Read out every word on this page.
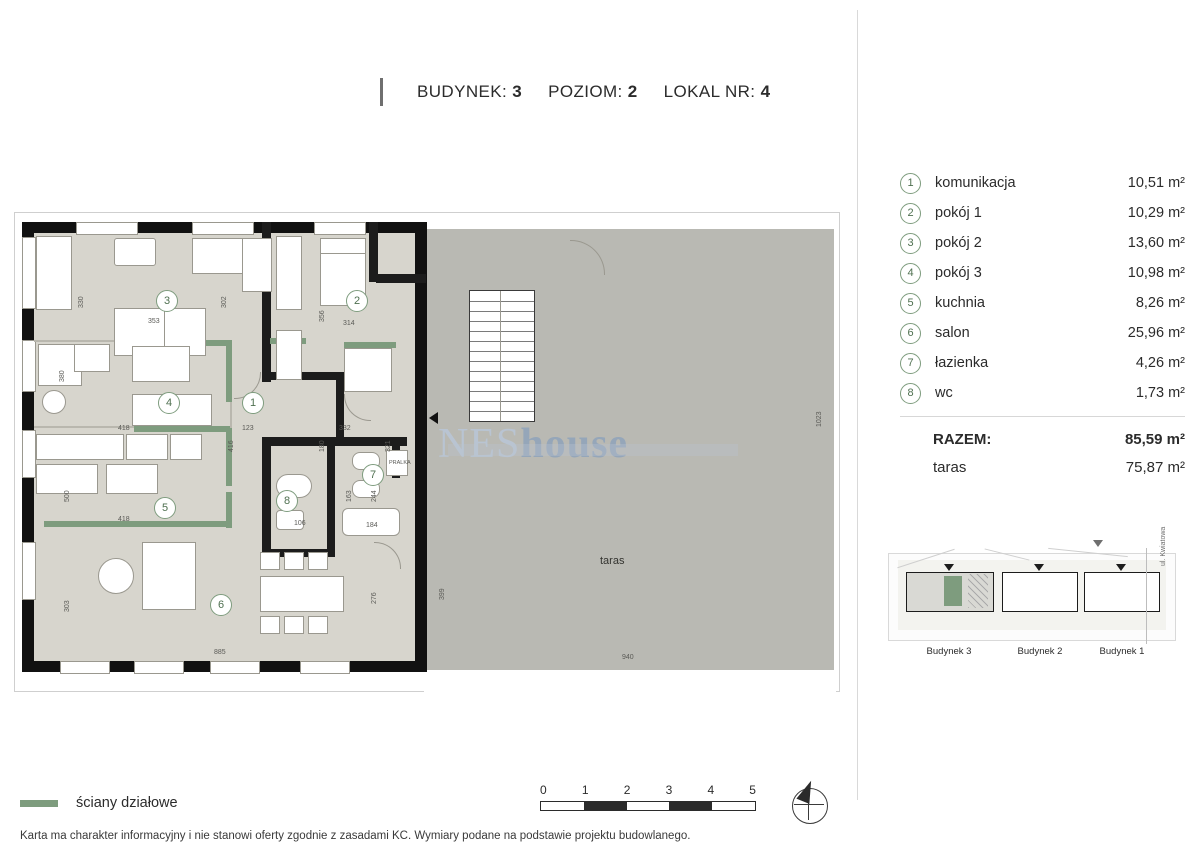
BUDYNEK: 3 POZIOM: 2 LOKAL NR: 4
1	komunikacja	10,51 m²
2	pokój 1	10,29 m²
3	pokój 2	13,60 m²
4	pokój 3	10,98 m²
5	kuchnia	8,26 m²
6	salon	25,96 m²
7	łazienka	4,26 m²
8	wc	1,73 m²
RAZEM:	85,59 m²
taras	75,87 m²
ul. Kwiatowa
Budynek 3	Budynek 2	Budynek 1
330	302
356
314
353
418
416
123
180
332
321
380
500
418
244
163
106	184
303
276	399
885
940
1023
PRALKA
3	2
4	1
5
6
7
8
taras
NEShouse
ściany działowe
0	1	2	3	4	5
Karta ma charakter informacyjny i nie stanowi oferty zgodnie z zasadami KC. Wymiary podane na podstawie projektu budowlanego.
